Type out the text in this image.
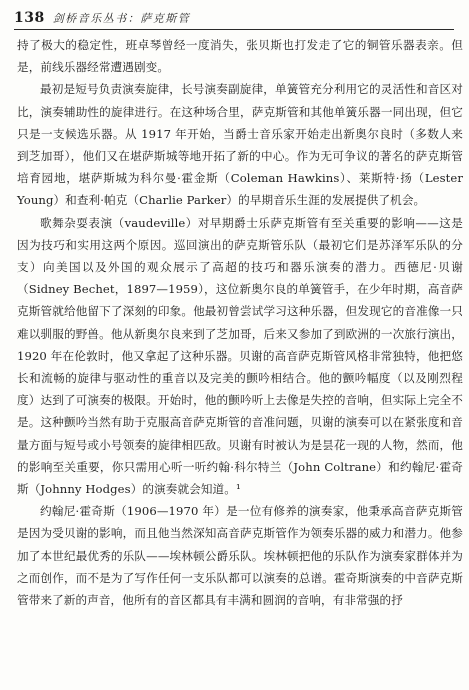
138 剑桥音乐丛书：萨克斯管

持了极大的稳定性，班卓琴曾经一度消失，张贝斯也打发走了它的铜管乐器表亲。但是，前线乐器经常遭遇剧变。

最初是短号负责演奏旋律，长号演奏副旋律，单簧管充分利用它的灵活性和音区对比，演奏辅助性的旋律进行。在这种场合里，萨克斯管和其他单簧乐器一同出现，但它只是一支候选乐器。从 1917 年开始，当爵士音乐家开始走出新奥尔良时（多数人来到芝加哥），他们又在堪萨斯城等地开拓了新的中心。作为无可争议的著名的萨克斯管培育园地，堪萨斯城为科尔曼·霍金斯（Coleman Hawkins）、莱斯特·扬（Lester Young）和查利·帕克（Charlie Parker）的早期音乐生涯的发展提供了机会。

歌舞杂耍表演（vaudeville）对早期爵士乐萨克斯管有至关重要的影响——这是因为技巧和实用这两个原因。巡回演出的萨克斯管乐队（最初它们是苏泽军乐队的分支）向美国以及外国的观众展示了高超的技巧和器乐演奏的潜力。西德尼·贝谢（Sidney Bechet，1897—1959），这位新奥尔良的单簧管手，在少年时期，高音萨克斯管就给他留下了深刻的印象。他最初曾尝试学习这种乐器，但发现它的音准像一只难以驯服的野兽。他从新奥尔良来到了芝加哥，后来又参加了到欧洲的一次旅行演出，1920 年在伦敦时，他又拿起了这种乐器。贝谢的高音萨克斯管风格非常独特，他把悠长和流畅的旋律与驱动性的重音以及完美的颤吟相结合。他的颤吟幅度（以及刚烈程度）达到了可演奏的极限。开始时，他的颤吟听上去像是失控的音响，但实际上完全不是。这种颤吟当然有助于克服高音萨克斯管的音准问题，贝谢的演奏可以在紧张度和音量方面与短号或小号领奏的旋律相匹敌。贝谢有时被认为是昙花一现的人物，然而，他的影响至关重要，你只需用心听一听约翰·科尔特兰（John Coltrane）和约翰尼·霍奇斯（Johnny Hodges）的演奏就会知道。¹

约翰尼·霍奇斯（1906—1970 年）是一位有修养的演奏家，他秉承高音萨克斯管是因为受贝谢的影响，而且他当然深知高音萨克斯管作为领奏乐器的威力和潜力。他参加了本世纪最优秀的乐队——埃林顿公爵乐队。埃林顿把他的乐队作为演奏家群体并为之而创作，而不是为了写作任何一支乐队都可以演奏的总谱。霍奇斯演奏的中音萨克斯管带来了新的声音，他所有的音区都具有丰满和圆润的音响，有非常强的抒
